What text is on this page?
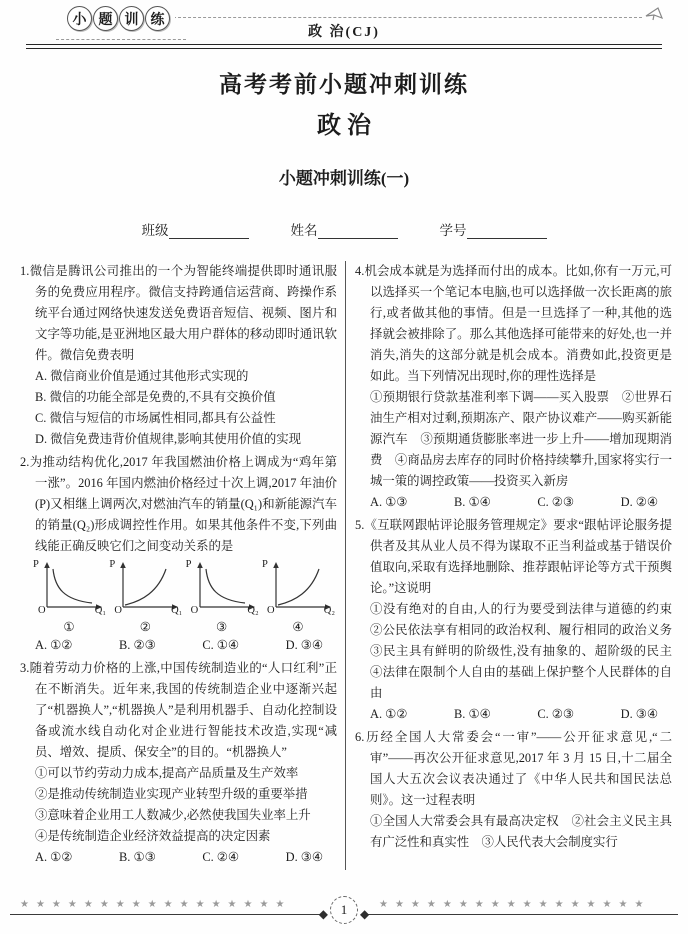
小 题 训 练
政 治(CJ)
高考考前小题冲刺训练
政 治
小题冲刺训练(一)
班级	姓名	学号

1.微信是腾讯公司推出的一个为智能终端提供即时通讯服务的免费应用程序。微信支持跨通信运营商、跨操作系统平台通过网络快速发送免费语音短信、视频、图片和文字等功能,是亚洲地区最大用户群体的移动即时通讯软件。微信免费表明

A. 微信商业价值是通过其他形式实现的

B. 微信的功能全部是免费的,不具有交换价值

C. 微信与短信的市场属性相同,都具有公益性

D. 微信免费违背价值规律,影响其使用价值的实现

2.为推动结构优化,2017 年我国燃油价格上调成为“鸡年第一涨”。2016 年国内燃油价格经过十次上调,2017 年油价(P)又相继上调两次,对燃油汽车的销量(Q₁)和新能源汽车的销量(Q₂)形成调控性作用。如果其他条件不变,下列曲线能正确反映它们之间变动关系的是

P
O	Q₁
①
P
O	Q₁
②
P
O	Q₂
③
P
O	Q₂
④

A. ①②	B. ②③	C. ①④	D. ③④

3.随着劳动力价格的上涨,中国传统制造业的“人口红利”正在不断消失。近年来,我国的传统制造企业中逐渐兴起了“机器换人”,“机器换人”是利用机器手、自动化控制设备或流水线自动化对企业进行智能技术改造,实现“减员、增效、提质、保安全”的目的。“机器换人”

①可以节约劳动力成本,提高产品质量及生产效率

②是推动传统制造业实现产业转型升级的重要举措

③意味着企业用工人数减少,必然使我国失业率上升

④是传统制造企业经济效益提高的决定因素

A. ①②	B. ①③	C. ②④	D. ③④

4.机会成本就是为选择而付出的成本。比如,你有一万元,可以选择买一个笔记本电脑,也可以选择做一次长距离的旅行,或者做其他的事情。但是一旦选择了一种,其他的选择就会被排除了。那么其他选择可能带来的好处,也一并消失,消失的这部分就是机会成本。消费如此,投资更是如此。当下列情况出现时,你的理性选择是

①预期银行贷款基准利率下调——买入股票　②世界石油生产相对过剩,预期冻产、限产协议难产——购买新能源汽车　③预期通货膨胀率进一步上升——增加现期消费　④商品房去库存的同时价格持续攀升,国家将实行一城一策的调控政策——投资买入新房

A. ①③	B. ①④	C. ②③	D. ②④

5.《互联网跟帖评论服务管理规定》要求“跟帖评论服务提供者及其从业人员不得为谋取不正当利益或基于错误价值取向,采取有选择地删除、推荐跟帖评论等方式干预舆论。”这说明

①没有绝对的自由,人的行为要受到法律与道德的约束　②公民依法享有相同的政治权利、履行相同的政治义务　③民主具有鲜明的阶级性,没有抽象的、超阶级的民主　④法律在限制个人自由的基础上保护整个人民群体的自由

A. ①②	B. ①④	C. ②③	D. ③④

6.历经全国人大常委会“一审”——公开征求意见,“二审”——再次公开征求意见,2017 年 3 月 15 日,十二届全国人大五次会议表决通过了《中华人民共和国民法总则》。这一过程表明

①全国人大常委会具有最高决定权　②社会主义民主具有广泛性和真实性　③人民代表大会制度实行

★★★★★★★★★★★★★★★★★
◆ 1 ◆
★★★★★★★★★★★★★★★★★
